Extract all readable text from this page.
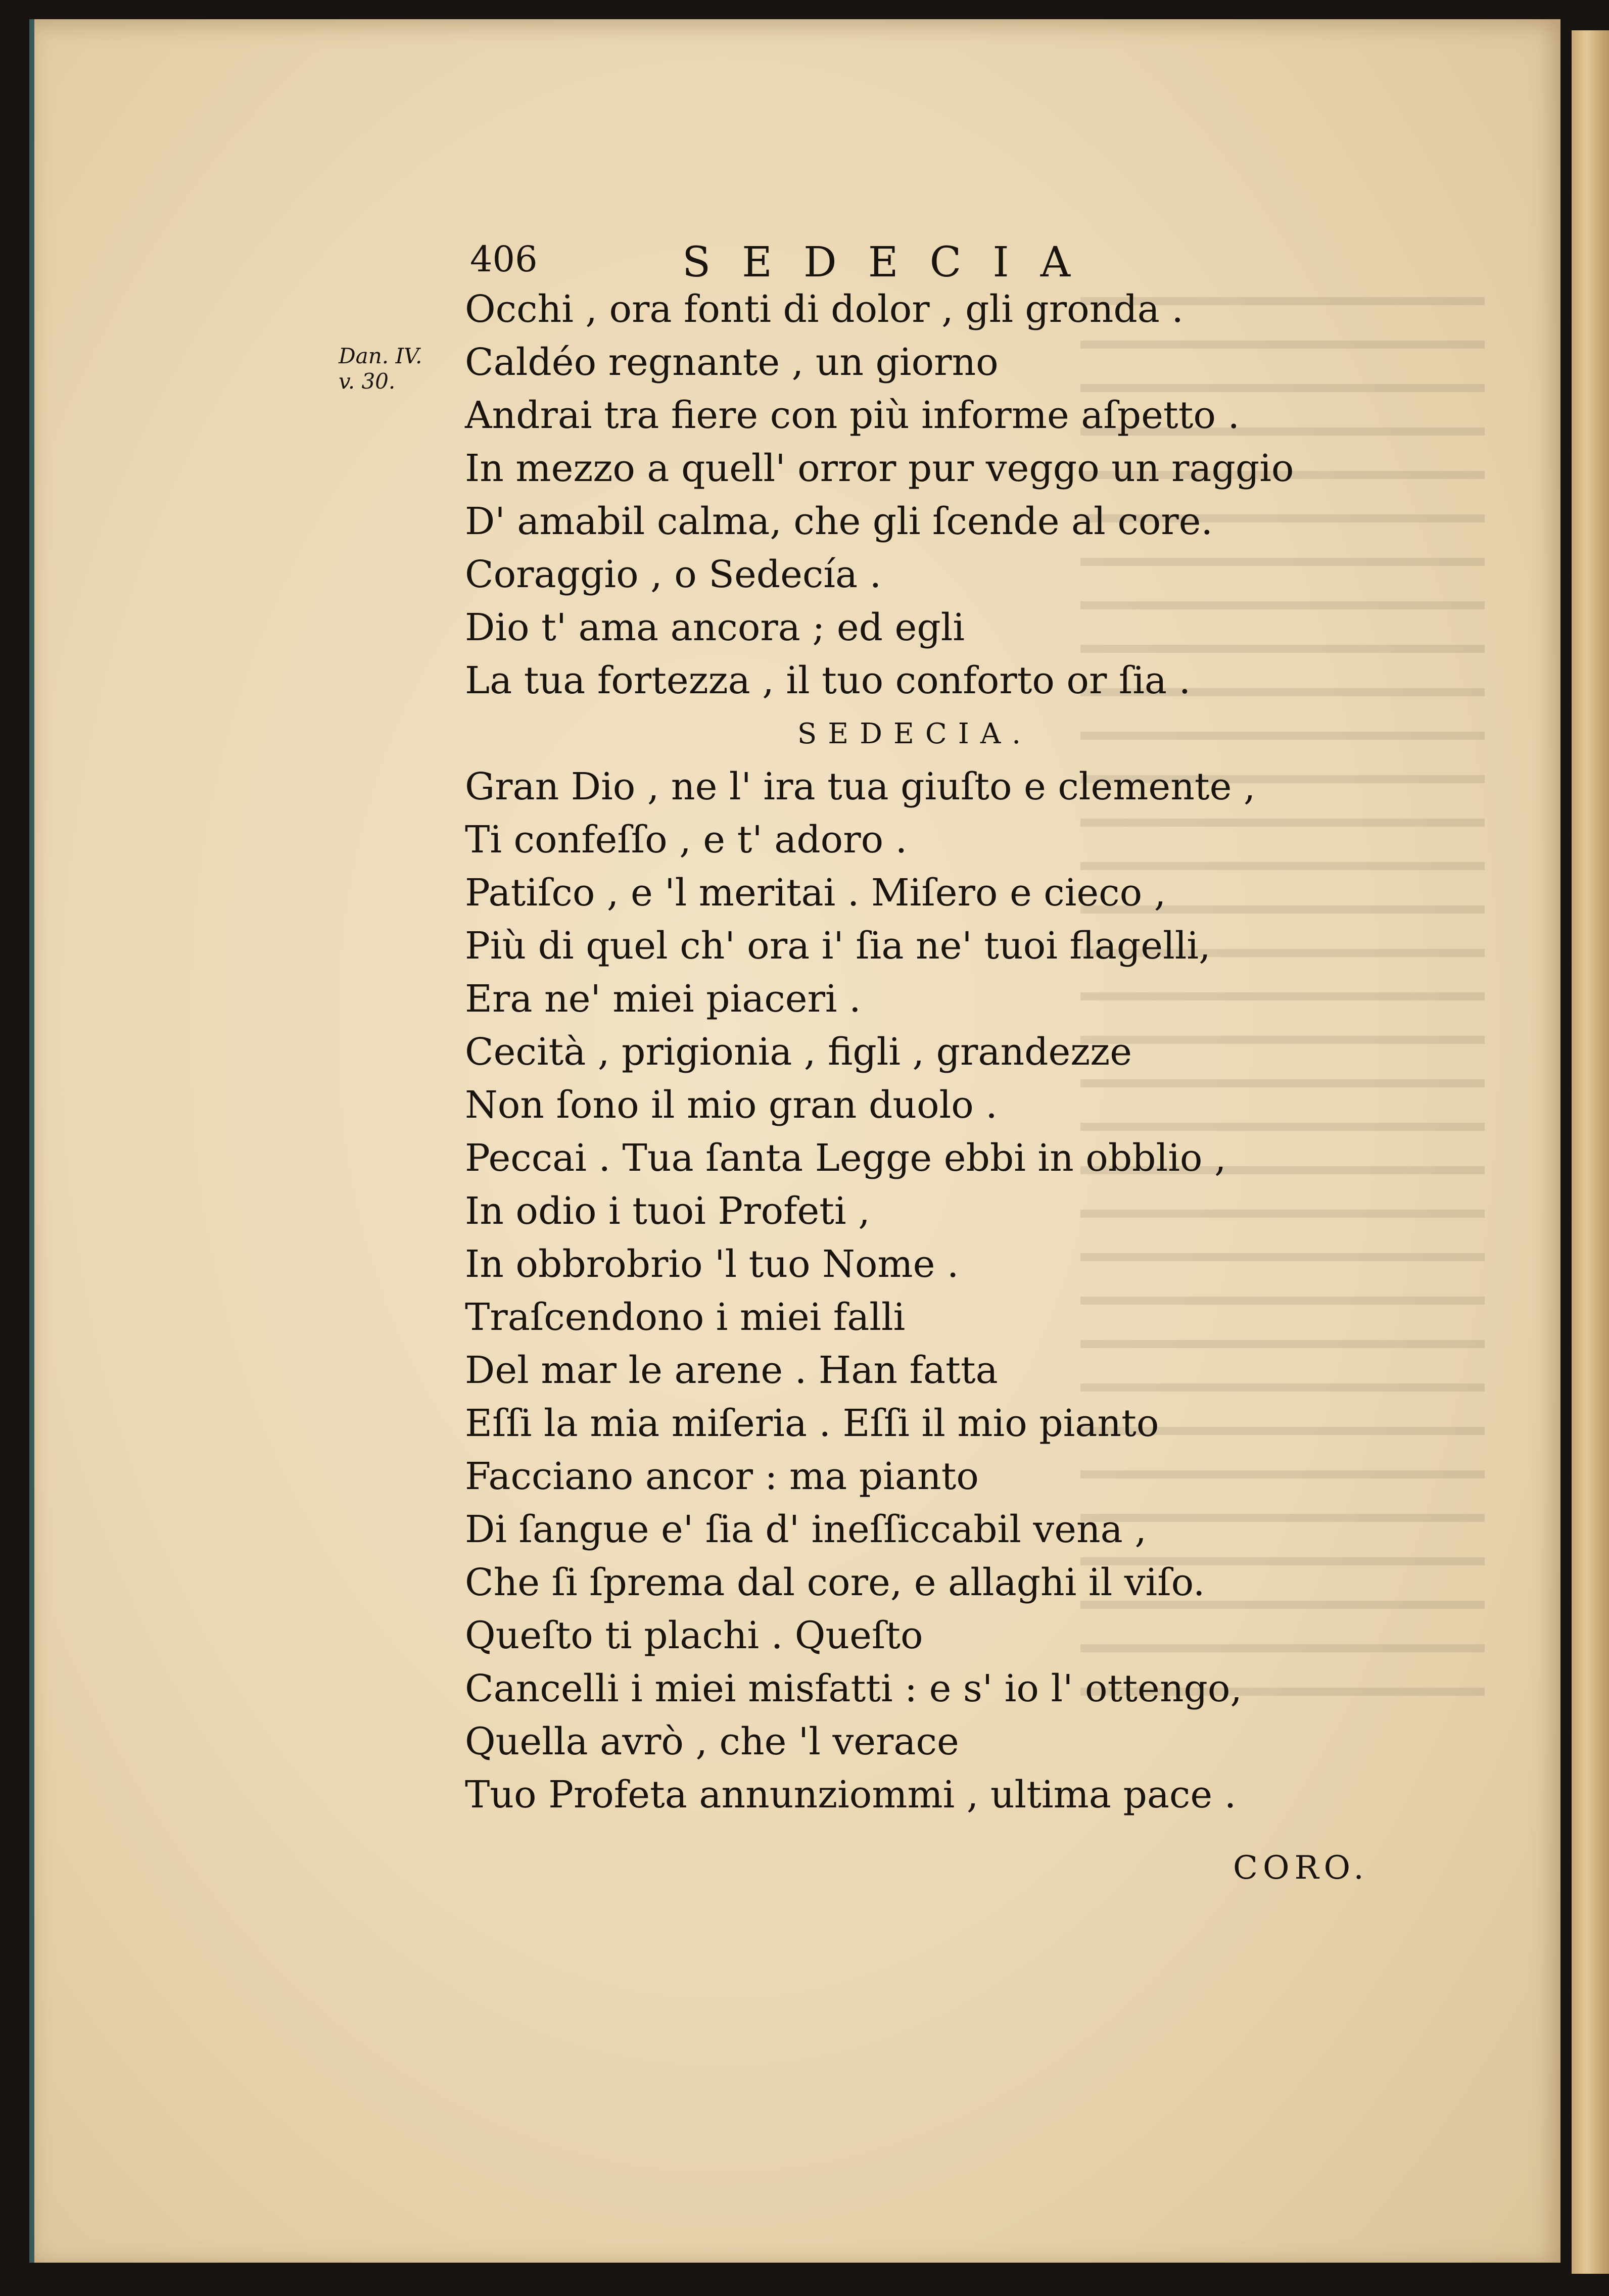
406	SEDECIA
Dan. IV.
v. 30.
Occhi , ora fonti di dolor , gli gronda .
Caldéo regnante , un giorno
Andrai tra fiere con più informe aſpetto .
In mezzo a quell' orror pur veggo un raggio
D' amabil calma, che gli ſcende al core.
Coraggio , o Sedecía .
Dio t' ama ancora ; ed egli
La tua fortezza , il tuo conforto or ſia .
SEDECIA.
Gran Dio , ne l' ira tua giuſto e clemente ,
Ti confeſſo , e t' adoro .
Patiſco , e 'l meritai . Miſero e cieco ,
Più di quel ch' ora i' ſia ne' tuoi flagelli,
Era ne' miei piaceri .
Cecità , prigionia , figli , grandezze
Non ſono il mio gran duolo .
Peccai . Tua ſanta Legge ebbi in obblio ,
In odio i tuoi Profeti ,
In obbrobrio 'l tuo Nome .
Traſcendono i miei falli
Del mar le arene . Han fatta
Eſſi la mia miſeria . Eſſi il mio pianto
Facciano ancor : ma pianto
Di ſangue e' ſia d' ineſſiccabil vena ,
Che ſi ſprema dal core, e allaghi il viſo.
Queſto ti plachi . Queſto
Cancelli i miei misfatti : e s' io l' ottengo,
Quella avrò , che 'l verace
Tuo Profeta annunziommi , ultima pace .
CORO.
